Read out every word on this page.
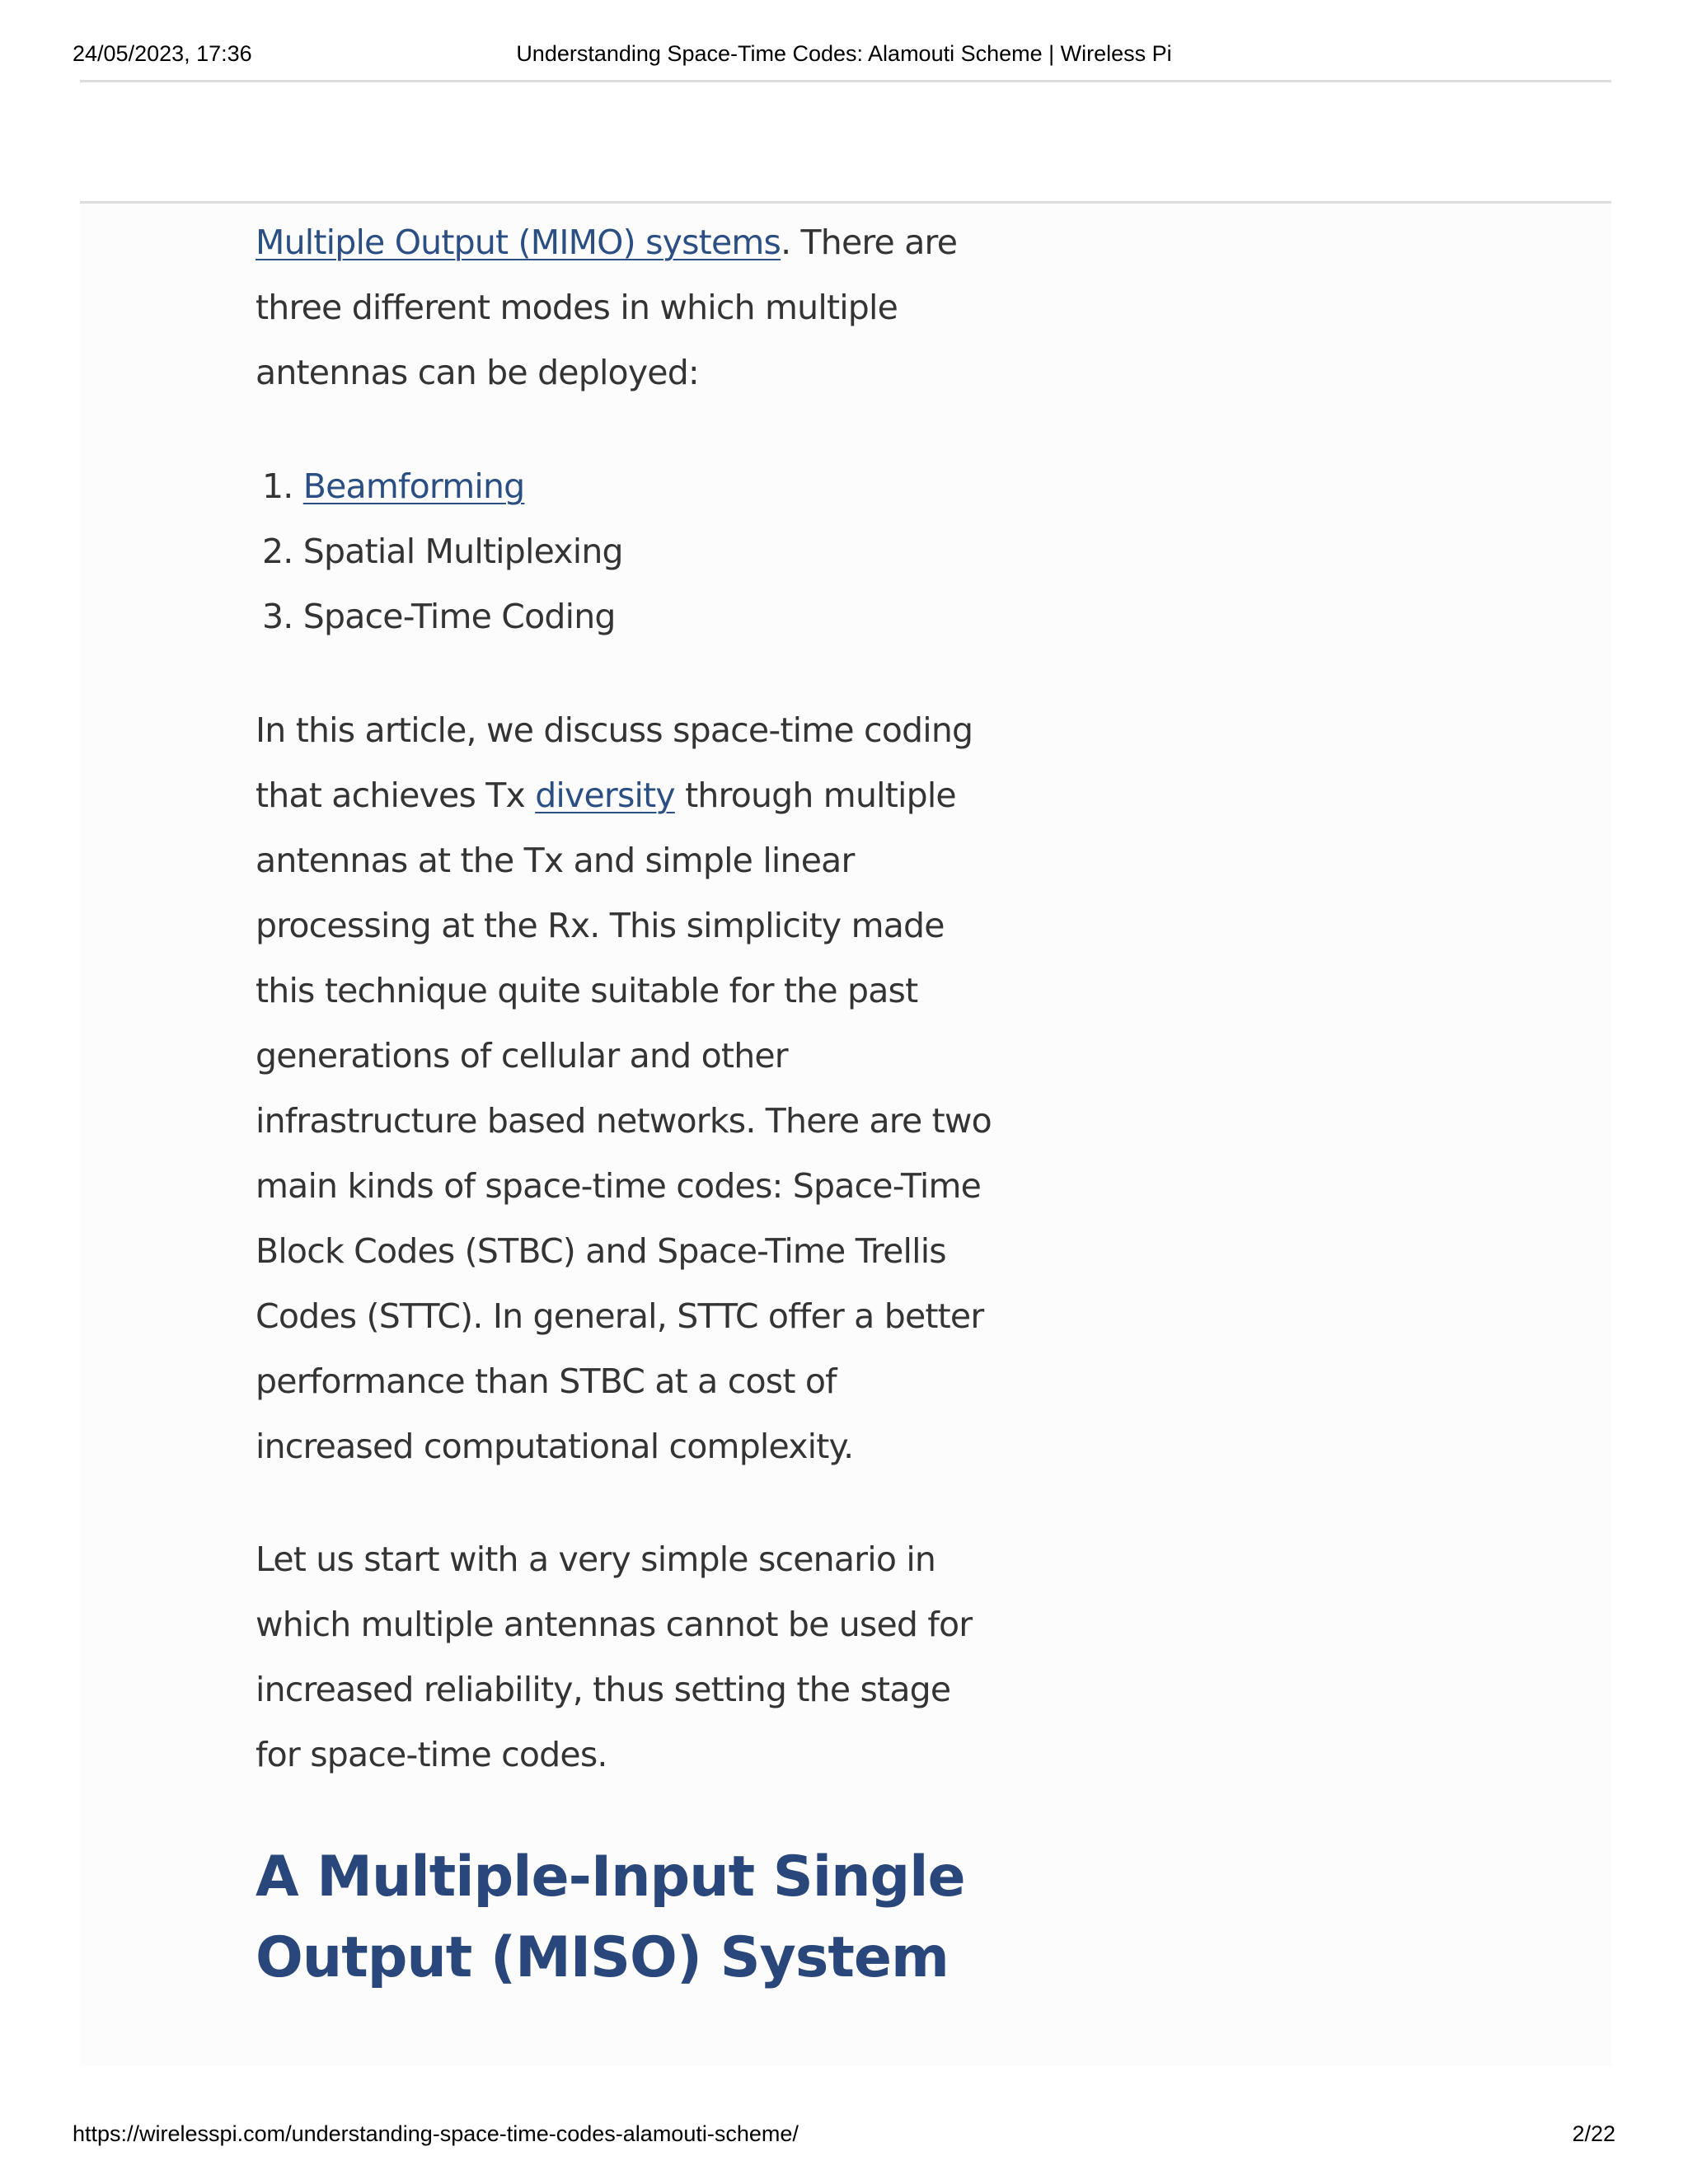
24/05/2023, 17:36	Understanding Space-Time Codes: Alamouti Scheme | Wireless Pi

Multiple Output (MIMO) systems. There are three different modes in which multiple antennas can be deployed:

1. Beamforming
2. Spatial Multiplexing
3. Space-Time Coding

In this article, we discuss space-time coding that achieves Tx diversity through multiple antennas at the Tx and simple linear processing at the Rx. This simplicity made this technique quite suitable for the past generations of cellular and other infrastructure based networks. There are two main kinds of space-time codes: Space-Time Block Codes (STBC) and Space-Time Trellis Codes (STTC). In general, STTC offer a better performance than STBC at a cost of increased computational complexity.

Let us start with a very simple scenario in which multiple antennas cannot be used for increased reliability, thus setting the stage for space-time codes.

A Multiple-Input Single Output (MISO) System
https://wirelesspi.com/understanding-space-time-codes-alamouti-scheme/	2/22
